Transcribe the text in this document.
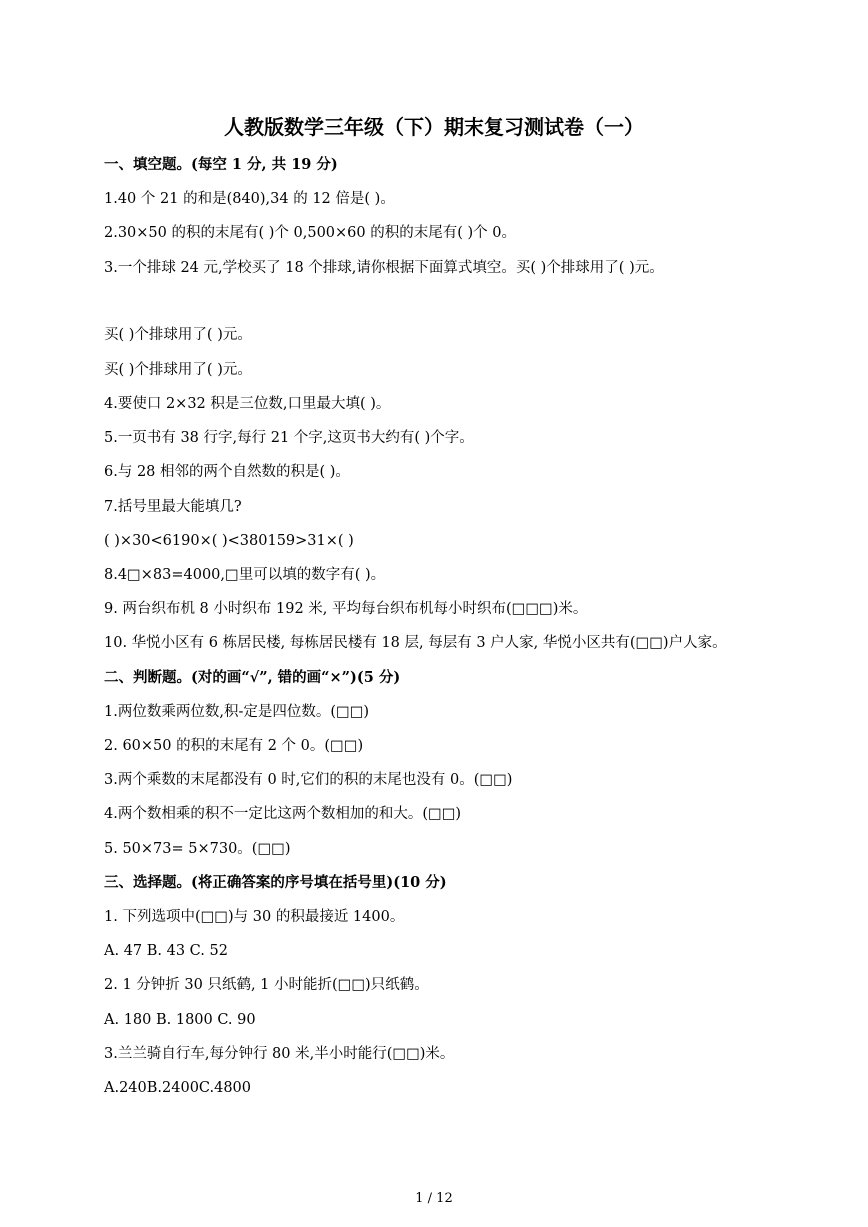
人教版数学三年级（下）期末复习测试卷（一）
一、填空题。(每空 1 分, 共 19 分)
1.40 个 21 的和是(840),34 的 12 倍是( )。
2.30×50 的积的末尾有( )个 0,500×60 的积的末尾有( )个 0。
3.一个排球 24 元,学校买了 18 个排球,请你根据下面算式填空。买( )个排球用了( )元。
买( )个排球用了( )元。
买( )个排球用了( )元。
4.要使口 2×32 积是三位数,口里最大填( )。
5.一页书有 38 行字,每行 21 个字,这页书大约有( )个字。
6.与 28 相邻的两个自然数的积是( )。
7.括号里最大能填几?
( )×30<6190×( )<380159>31×( )
8.4□×83=4000,□里可以填的数字有( )。
9. 两台织布机 8 小时织布 192 米, 平均每台织布机每小时织布(□□□)米。
10. 华悦小区有 6 栋居民楼, 每栋居民楼有 18 层, 每层有 3 户人家, 华悦小区共有(□□)户人家。
二、判断题。(对的画“√”, 错的画“×”)(5 分)
1.两位数乘两位数,积-定是四位数。(□□)
2. 60×50 的积的末尾有 2 个 0。(□□)
3.两个乘数的末尾都没有 0 时,它们的积的末尾也没有 0。(□□)
4.两个数相乘的积不一定比这两个数相加的和大。(□□)
5. 50×73= 5×730。(□□)
三、选择题。(将正确答案的序号填在括号里)(10 分)
1. 下列选项中(□□)与 30 的积最接近 1400。
A. 47 B. 43 C. 52
2. 1 分钟折 30 只纸鹤, 1 小时能折(□□)只纸鹤。
A. 180 B. 1800 C. 90
3.兰兰骑自行车,每分钟行 80 米,半小时能行(□□)米。
A.240B.2400C.4800
1 / 12
